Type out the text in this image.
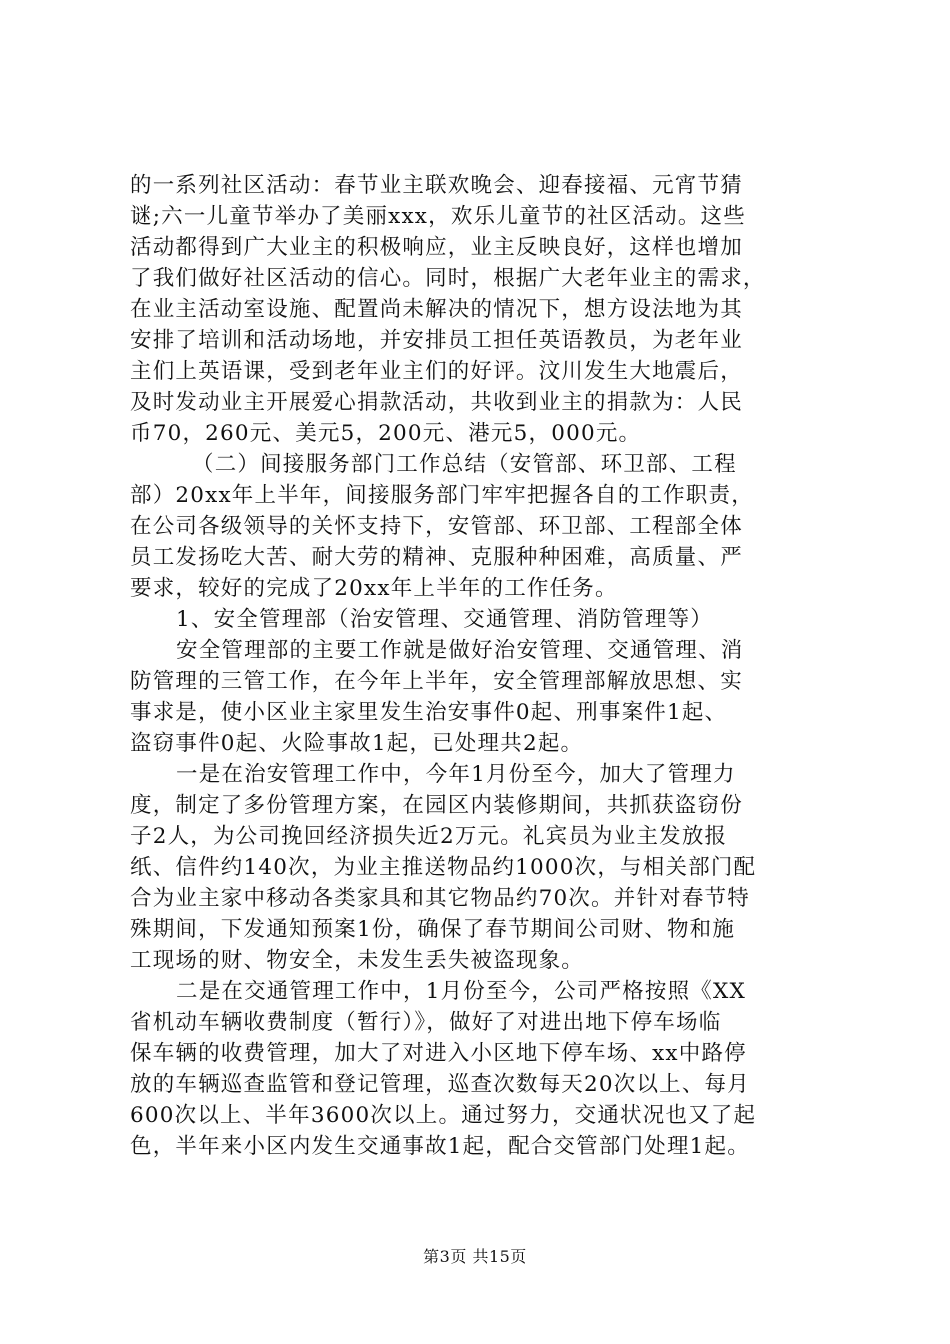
的一系列社区活动：春节业主联欢晚会、迎春接福、元宵节猜
谜;六一儿童节举办了美丽xxx，欢乐儿童节的社区活动。这些
活动都得到广大业主的积极响应，业主反映良好，这样也增加
了我们做好社区活动的信心。同时，根据广大老年业主的需求，
在业主活动室设施、配置尚未解决的情况下，想方设法地为其
安排了培训和活动场地，并安排员工担任英语教员，为老年业
主们上英语课，受到老年业主们的好评。汶川发生大地震后，
及时发动业主开展爱心捐款活动，共收到业主的捐款为：人民
币70，260元、美元5，200元、港元5，000元。
（二）间接服务部门工作总结（安管部、环卫部、工程
部）20xx年上半年，间接服务部门牢牢把握各自的工作职责，
在公司各级领导的关怀支持下，安管部、环卫部、工程部全体
员工发扬吃大苦、耐大劳的精神、克服种种困难，高质量、严
要求，较好的完成了20xx年上半年的工作任务。
1、安全管理部（治安管理、交通管理、消防管理等）
安全管理部的主要工作就是做好治安管理、交通管理、消
防管理的三管工作，在今年上半年，安全管理部解放思想、实
事求是，使小区业主家里发生治安事件0起、刑事案件1起、
盗窃事件0起、火险事故1起，已处理共2起。
一是在治安管理工作中，今年1月份至今，加大了管理力
度，制定了多份管理方案，在园区内装修期间，共抓获盗窃份
子2人，为公司挽回经济损失近2万元。礼宾员为业主发放报
纸、信件约140次，为业主推送物品约1000次，与相关部门配
合为业主家中移动各类家具和其它物品约70次。并针对春节特
殊期间，下发通知预案1份，确保了春节期间公司财、物和施
工现场的财、物安全，未发生丢失被盗现象。
二是在交通管理工作中，1月份至今，公司严格按照《XX
省机动车辆收费制度（暂行）》，做好了对进出地下停车场临
保车辆的收费管理，加大了对进入小区地下停车场、xx中路停
放的车辆巡查监管和登记管理，巡查次数每天20次以上、每月
600次以上、半年3600次以上。通过努力，交通状况也又了起
色，半年来小区内发生交通事故1起，配合交管部门处理1起。
第3页 共15页
